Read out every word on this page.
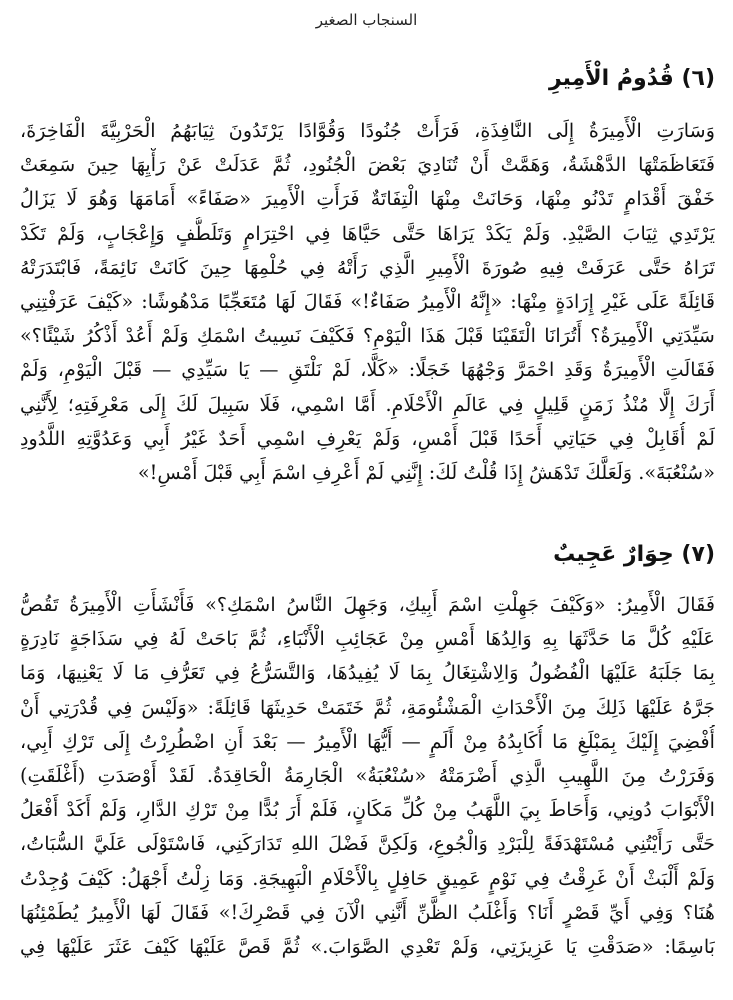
السنجاب الصغير
(٦) قُدُومُ الْأَمِيرِ

وَسَارَتِ الْأَمِيرَةُ إِلَى النَّافِذَةِ، فَرَأَتْ جُنُودًا وَقُوَّادًا يَرْتَدُونَ ثِيَابَهُمُ الْحَرْبِيَّةَ الْفَاخِرَةَ،
فَتَعَاظَمَتْهَا الدَّهْشَةُ، وَهَمَّتْ أَنْ تُنَادِيَ بَعْضَ الْجُنُودِ، ثُمَّ عَدَلَتْ عَنْ رَأْيِهَا حِينَ سَمِعَتْ
خَفْقَ أَقْدَامٍ تَدْنُو مِنْهَا، وَحَانَتْ مِنْهَا الْتِفَاتَةٌ فَرَأَتِ الْأَمِيرَ «صَفَاءً» أَمَامَهَا وَهُوَ لَا يَزَالُ
يَرْتَدِي ثِيَابَ الصَّيْدِ. وَلَمْ يَكَدْ يَرَاهَا حَتَّى حَيَّاهَا فِي احْتِرَامٍ وَتَلَطُّفٍ وَإِعْجَابٍ، وَلَمْ تَكَدْ
تَرَاهُ حَتَّى عَرَفَتْ فِيهِ صُورَةَ الْأَمِيرِ الَّذِي رَأَتْهُ فِي حُلْمِهَا حِينَ كَانَتْ نَائِمَةً، فَابْتَدَرَتْهُ
قَائِلَةً عَلَى غَيْرِ إِرَادَةٍ مِنْهَا: «إِنَّهُ الْأَمِيرُ صَفَاءٌ!» فَقَالَ لَهَا مُتَعَجِّبًا مَدْهُوشًا: «كَيْفَ عَرَفْتِنِي
سَيِّدَتِي الْأَمِيرَةُ؟ أَتُرَانَا الْتَقَيْنَا قَبْلَ هَذَا الْيَوْمِ؟ فَكَيْفَ نَسِيتُ اسْمَكِ وَلَمْ أَعُدْ أَذْكُرُ شَيْئًا؟»
فَقَالَتِ الْأَمِيرَةُ وَقَدِ احْمَرَّ وَجْهُهَا خَجَلًا: «كَلَّا، لَمْ نَلْتَقِ — يَا سَيِّدِي — قَبْلَ الْيَوْمِ، وَلَمْ
أَرَكَ إِلَّا مُنْذُ زَمَنٍ قَلِيلٍ فِي عَالَمِ الْأَحْلَامِ. أَمَّا اسْمِي، فَلَا سَبِيلَ لَكَ إِلَى مَعْرِفَتِهِ؛ لِأَنَّنِي
لَمْ أُقَابِلْ فِي حَيَاتِي أَحَدًا قَبْلَ أَمْسِ، وَلَمْ يَعْرِفِ اسْمِي أَحَدٌ غَيْرُ أَبِي وَعَدُوَّتِهِ اللَّدُودِ
«سُنْعُبَةَ». وَلَعَلَّكَ تَدْهَشُ إِذَا قُلْتُ لَكَ: إِنَّنِي لَمْ أَعْرِفِ اسْمَ أَبِي قَبْلَ أَمْسِ!»

(٧) حِوَارٌ عَجِيبٌ

فَقَالَ الْأَمِيرُ: «وَكَيْفَ جَهِلْتِ اسْمَ أَبِيكِ، وَجَهِلَ النَّاسُ اسْمَكِ؟» فَأَنْشَأَتِ الْأَمِيرَةُ تَقُصُّ
عَلَيْهِ كُلَّ مَا حَدَّثَهَا بِهِ وَالِدُهَا أَمْسِ مِنْ عَجَائِبِ الْأَنْبَاءِ، ثُمَّ بَاحَتْ لَهُ فِي سَذَاجَةٍ نَادِرَةٍ
بِمَا جَلَبَهُ عَلَيْهَا الْفُضُولُ وَالِاشْتِغَالُ بِمَا لَا يُفِيدُهَا، وَالتَّسَرُّعُ فِي تَعَرُّفِ مَا لَا يَعْنِيهَا، وَمَا
جَرَّهُ عَلَيْهَا ذَلِكَ مِنَ الْأَحْدَاثِ الْمَشْئُومَةِ، ثُمَّ خَتَمَتْ حَدِيثَهَا قَائِلَةً: «وَلَيْسَ فِي قُدْرَتِي أَنْ
أُفْضِيَ إِلَيْكَ بِمَبْلَغِ مَا أُكَابِدُهُ مِنْ أَلَمٍ — أَيُّهَا الْأَمِيرُ — بَعْدَ أَنِ اضْطُرِرْتُ إِلَى تَرْكِ أَبِي،
وَفَرَرْتُ مِنَ اللَّهِيبِ الَّذِي أَضْرَمَتْهُ «سُنْعُبَةُ» الْجَارِمَةُ الْحَاقِدَةُ. لَقَدْ أَوْصَدَتِ (أَغْلَقَتِ)
الْأَبْوَابَ دُونِي، وَأَحَاطَ بِيَ اللَّهَبُ مِنْ كُلِّ مَكَانٍ، فَلَمْ أَرَ بُدًّا مِنْ تَرْكِ الدَّارِ، وَلَمْ أَكَدْ أَفْعَلُ
حَتَّى رَأَيْتُنِي مُسْتَهْدَفَةً لِلْبَرْدِ وَالْجُوعِ، وَلَكِنَّ فَضْلَ اللهِ تَدَارَكَنِي، فَاسْتَوْلَى عَلَيَّ السُّبَاتُ،
وَلَمْ أَلْبَثْ أَنْ غَرِقْتُ فِي نَوْمٍ عَمِيقٍ حَافِلٍ بِالْأَحْلَامِ الْبَهِيجَةِ. وَمَا زِلْتُ أَجْهَلُ: كَيْفَ وُجِدْتُ
هُنَا؟ وَفِي أَيِّ قَصْرٍ أَنَا؟ وَأَغْلَبُ الظَّنِّ أَنَّنِي الْآنَ فِي قَصْرِكَ!» فَقَالَ لَهَا الْأَمِيرُ يُطَمْئِنُهَا
بَاسِمًا: «صَدَقْتِ يَا عَزِيزَتِي، وَلَمْ تَعْدِي الصَّوَابَ.» ثُمَّ قَصَّ عَلَيْهَا كَيْفَ عَثَرَ عَلَيْهَا فِي
